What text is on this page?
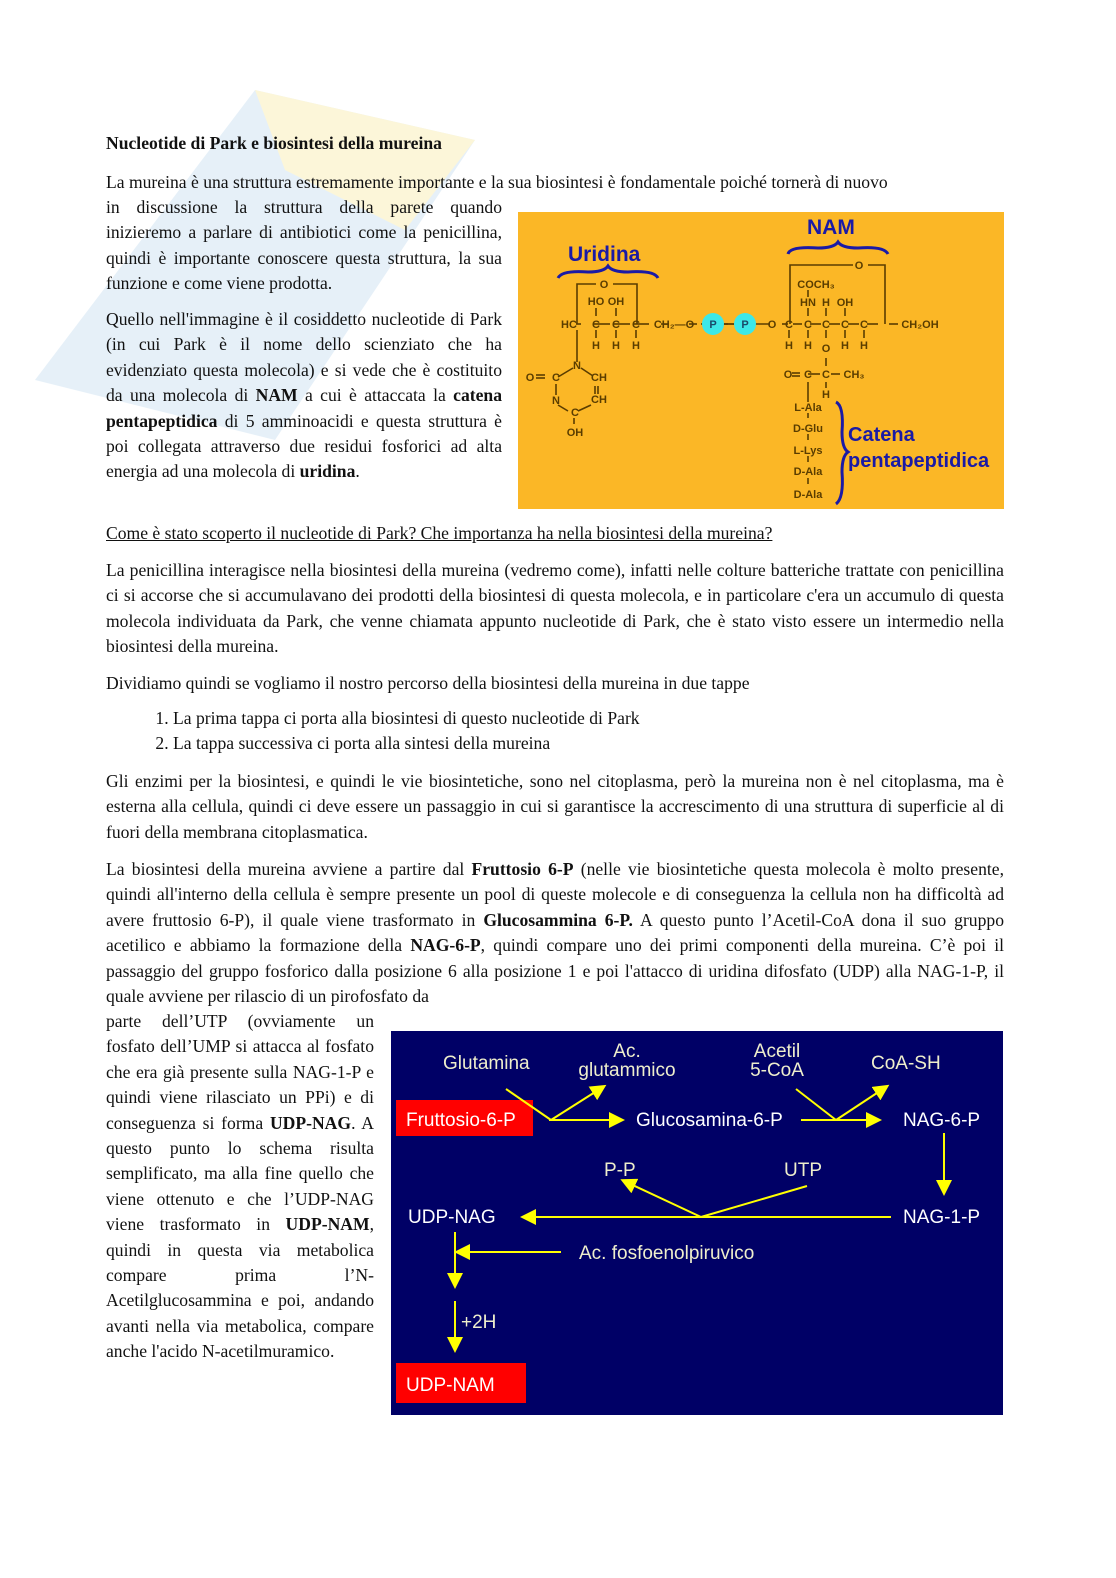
Nucleotide di Park e biosintesi della mureina
La mureina è una struttura estremamente importante e la sua biosintesi è fondamentale poiché tornerà di nuovo
in discussione la struttura della parete quando inizieremo a parlare di antibiotici come la penicillina, quindi è importante conoscere questa struttura, la sua funzione e come viene prodotta.
Quello nell'immagine è il cosiddetto nucleotide di Park (in cui Park è il nome dello scienziato che ha evidenziato questa molecola) e si vede che è costituito da una molecola di NAM a cui è attaccata la catena pentapeptidica di 5 amminoacidi e questa struttura è poi collegata attraverso due residui fosforici ad alta energia ad una molecola di uridina.
O
HO OH
HC C C C CH₂—O
H H H
N
C
O	CH
N	CH
C
OH
O
O
COCH₃
HN H OH
C C C C C	CH₂OH
H H O H H
O C C CH₃
H
L-Ala
D-Glu
L-Lys
D-Ala
D-Ala
P P
Uridina
NAM
Catena
pentapeptidica
Come è stato scoperto il nucleotide di Park? Che importanza ha nella biosintesi della mureina?
La penicillina interagisce nella biosintesi della mureina (vedremo come), infatti nelle colture batteriche trattate con penicillina ci si accorse che si accumulavano dei prodotti della biosintesi di questa molecola, e in particolare c'era un accumulo di questa molecola individuata da Park, che venne chiamata appunto nucleotide di Park, che è stato visto essere un intermedio nella biosintesi della mureina.
Dividiamo quindi se vogliamo il nostro percorso della biosintesi della mureina in due tappe
1. La prima tappa ci porta alla biosintesi di questo nucleotide di Park
2. La tappa successiva ci porta alla sintesi della mureina
Gli enzimi per la biosintesi, e quindi le vie biosintetiche, sono nel citoplasma, però la mureina non è nel citoplasma, ma è esterna alla cellula, quindi ci deve essere un passaggio in cui si garantisce la accrescimento di una struttura di superficie al di fuori della membrana citoplasmatica.
La biosintesi della mureina avviene a partire dal Fruttosio 6-P (nelle vie biosintetiche questa molecola è molto presente, quindi all'interno della cellula è sempre presente un pool di queste molecole e di conseguenza la cellula non ha difficoltà ad avere fruttosio 6-P), il quale viene trasformato in Glucosammina 6-P. A questo punto l’Acetil-CoA dona il suo gruppo acetilico e abbiamo la formazione della NAG-6-P, quindi compare uno dei primi componenti della mureina. C’è poi il passaggio del gruppo fosforico dalla posizione 6 alla posizione 1 e poi l'attacco di uridina difosfato (UDP) alla NAG-1-P, il quale avviene per rilascio di un pirofosfato da
parte dell’UTP (ovviamente un fosfato dell’UMP si attacca al fosfato che era già presente sulla NAG-1-P e quindi viene rilasciato un PPi) e di conseguenza si forma UDP-NAG. A questo punto lo schema risulta semplificato, ma alla fine quello che viene ottenuto e che l’UDP-NAG viene trasformato in UDP-NAM, quindi in questa via metabolica compare prima l’N-Acetilglucosammina e poi, andando avanti nella via metabolica, compare anche l'acido N-acetilmuramico.
Glutamina
Ac.
glutammico
Acetil
5-CoA	CoA-SH
Fruttosio-6-P	Glucosamina-6-P	NAG-6-P
P-P	UTP
UDP-NAG	NAG-1-P
Ac. fosfoenolpiruvico
+2H
UDP-NAM
